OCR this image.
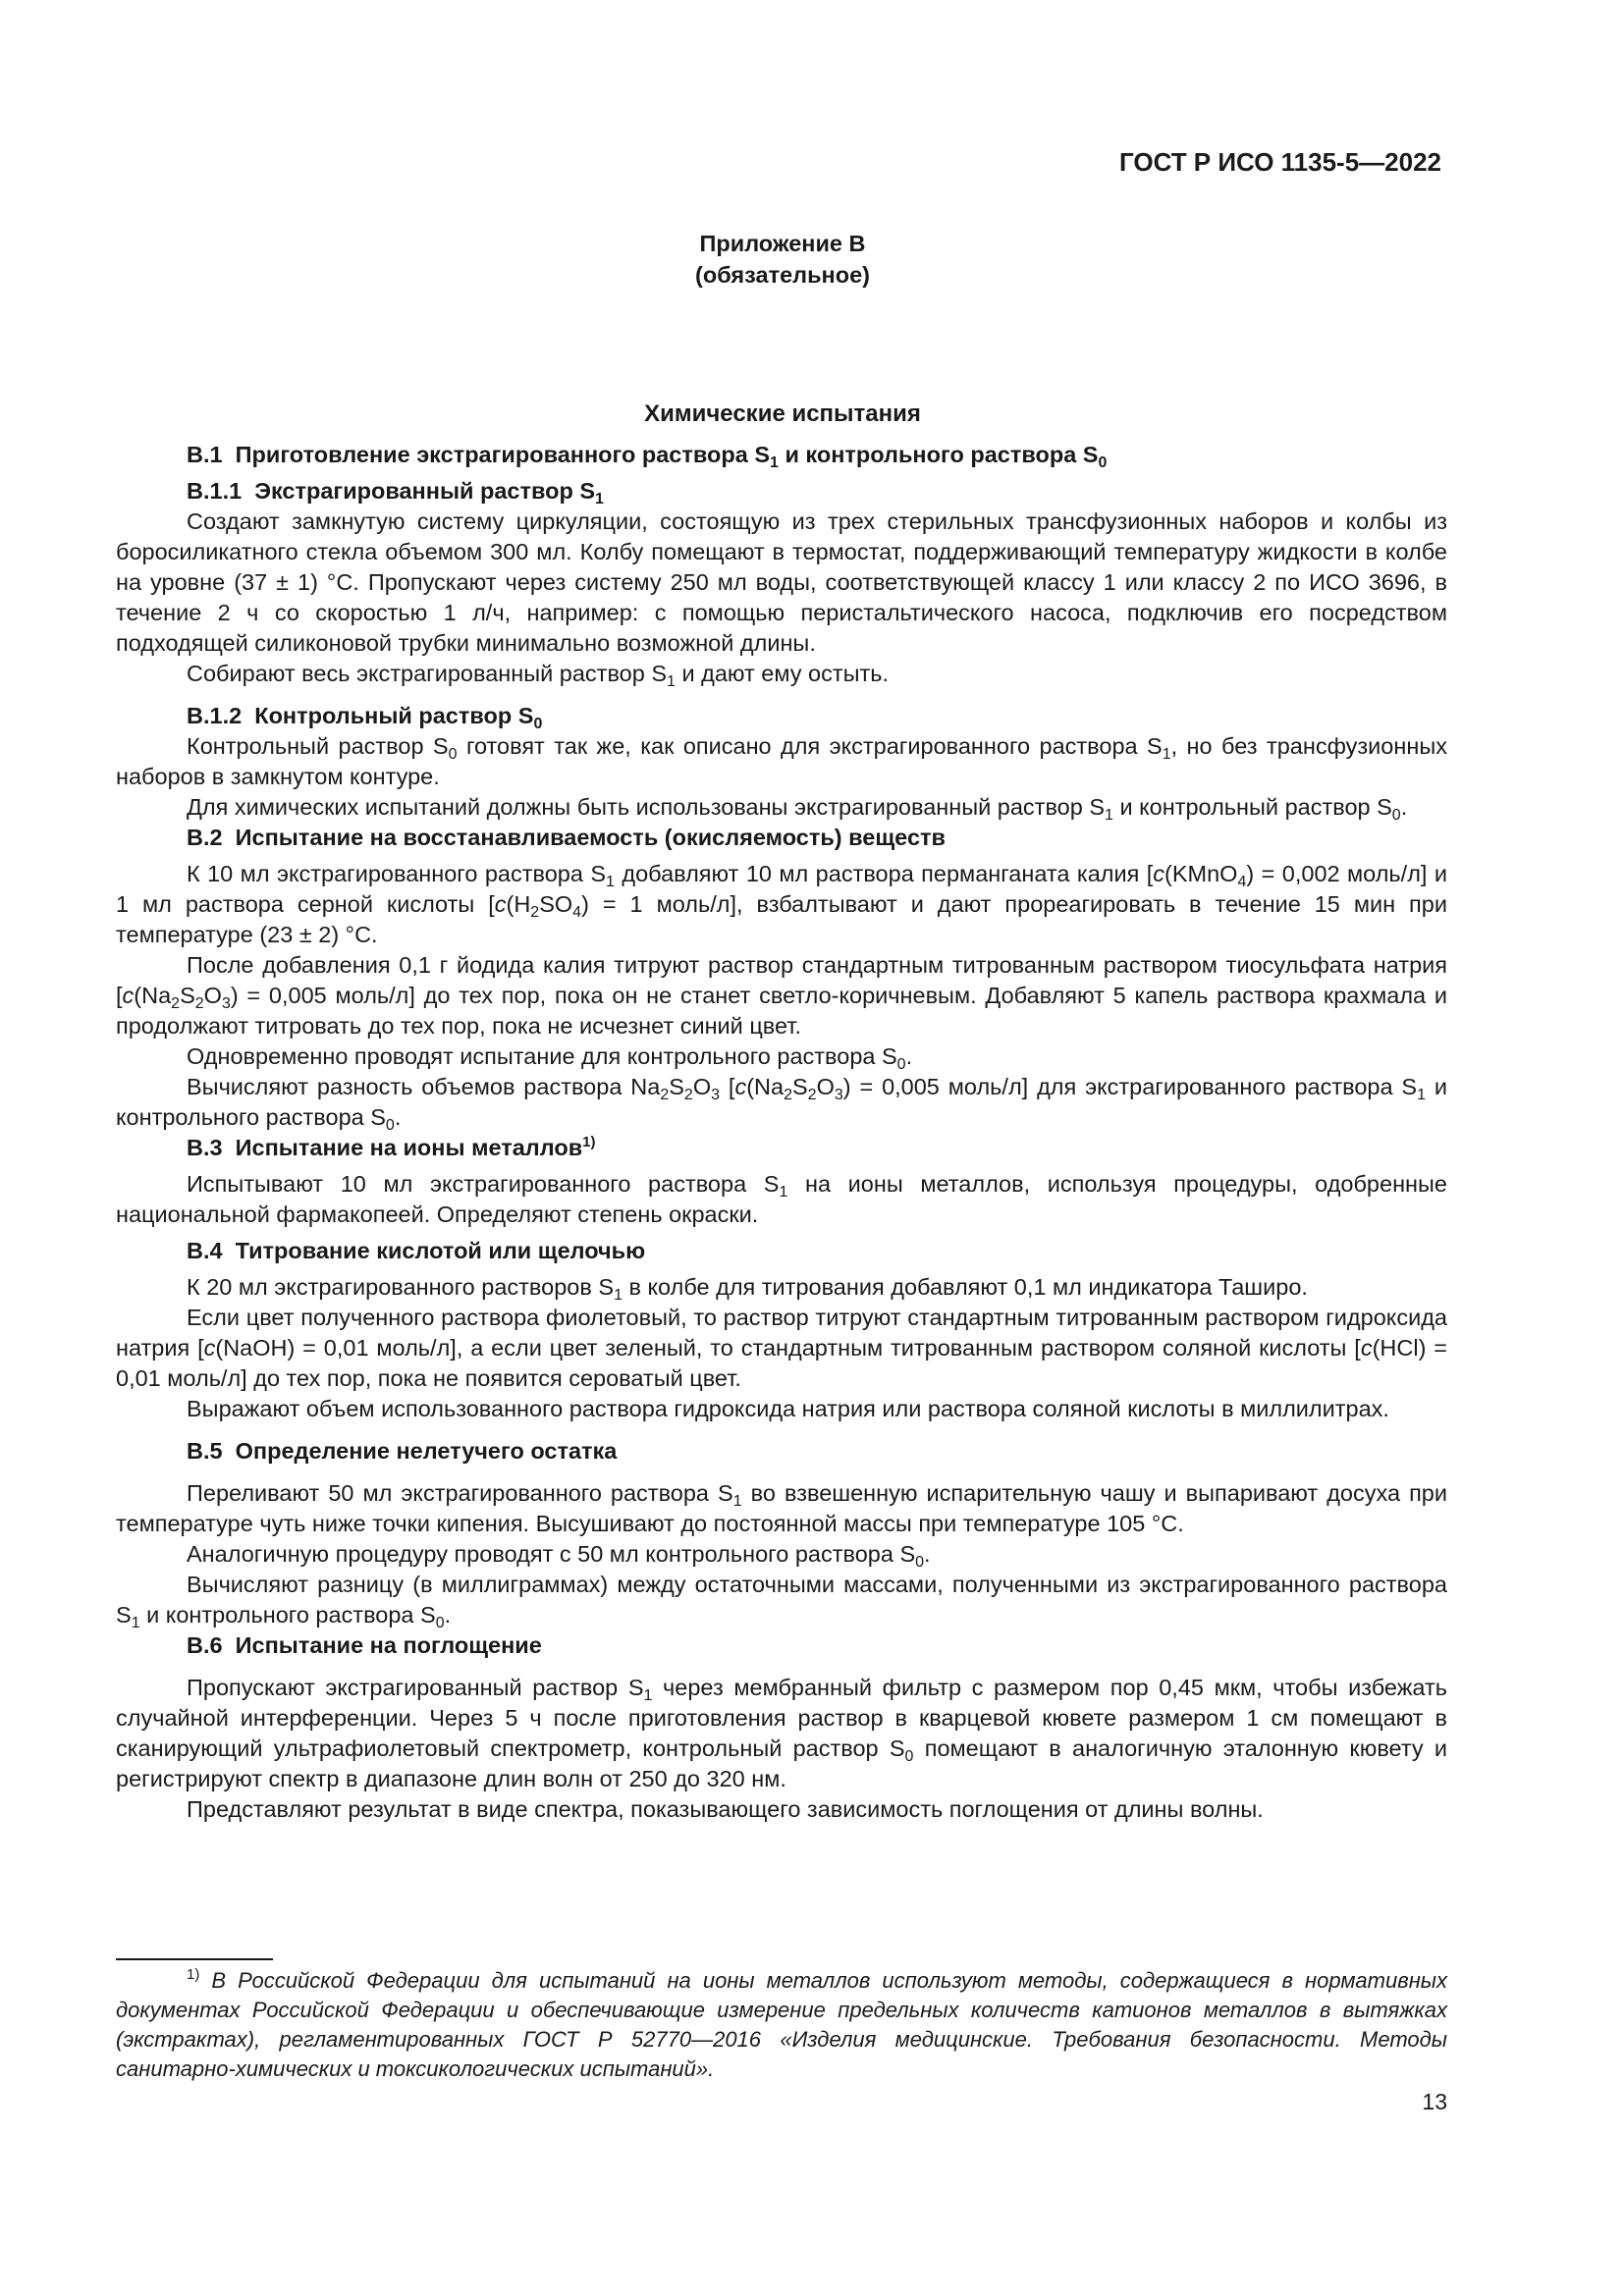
ГОСТ Р ИСО 1135-5—2022
Приложение В
(обязательное)
Химические испытания

В.1 Приготовление экстрагированного раствора $S_1$ и контрольного раствора $S_0$

В.1.1 Экстрагированный раствор $S_1$

Создают замкнутую систему циркуляции, состоящую из трех стерильных трансфузионных наборов и колбы из боросиликатного стекла объемом 300 мл. Колбу помещают в термостат, поддерживающий температуру жидкости в колбе на уровне (37 ± 1) °С. Пропускают через систему 250 мл воды, соответствующей классу 1 или классу 2 по ИСО 3696, в течение 2 ч со скоростью 1 л/ч, например: с помощью перистальтического насоса, подключив его посредством подходящей силиконовой трубки минимально возможной длины.

Собирают весь экстрагированный раствор $S_1$ и дают ему остыть.

В.1.2 Контрольный раствор $S_0$

Контрольный раствор $S_0$ готовят так же, как описано для экстрагированного раствора $S_1$, но без трансфузионных наборов в замкнутом контуре.

Для химических испытаний должны быть использованы экстрагированный раствор $S_1$ и контрольный раствор $S_0$.

В.2 Испытание на восстанавливаемость (окисляемость) веществ

К 10 мл экстрагированного раствора $S_1$ добавляют 10 мл раствора перманганата калия [c(KMnO$_4$) = 0,002 моль/л] и 1 мл раствора серной кислоты [$c(H_2SO_4) = 1$ моль/л], взбалтывают и дают прореагировать в течение 15 мин при температуре (23 ± 2) °С.

После добавления 0,1 г йодида калия титруют раствор стандартным титрованным раствором тиосульфата натрия [$c(Na_2S_2O_3) = 0,005$ моль/л] до тех пор, пока он не станет светло-коричневым. Добавляют 5 капель раствора крахмала и продолжают титровать до тех пор, пока не исчезнет синий цвет.

Одновременно проводят испытание для контрольного раствора $S_0$.

Вычисляют разность объемов раствора $Na_2S_2O_3$ [$c(Na_2S_2O_3) = 0,005$ моль/л] для экстрагированного раствора $S_1$ и контрольного раствора $S_0$.

В.3 Испытание на ионы металлов$^{1)}$

Испытывают 10 мл экстрагированного раствора $S_1$ на ионы металлов, используя процедуры, одобренные национальной фармакопеей. Определяют степень окраски.

В.4 Титрование кислотой или щелочью

К 20 мл экстрагированного растворов $S_1$ в колбе для титрования добавляют 0,1 мл индикатора Таширо.

Если цвет полученного раствора фиолетовый, то раствор титруют стандартным титрованным раствором гидроксида натрия [c(NaOH) = 0,01 моль/л], а если цвет зеленый, то стандартным титрованным раствором соляной кислоты [c(HCl) = 0,01 моль/л] до тех пор, пока не появится сероватый цвет.

Выражают объем использованного раствора гидроксида натрия или раствора соляной кислоты в миллилитрах.

В.5 Определение нелетучего остатка

Переливают 50 мл экстрагированного раствора $S_1$ во взвешенную испарительную чашу и выпаривают досуха при температуре чуть ниже точки кипения. Высушивают до постоянной массы при температуре 105 °С.

Аналогичную процедуру проводят с 50 мл контрольного раствора $S_0$.

Вычисляют разницу (в миллиграммах) между остаточными массами, полученными из экстрагированного раствора $S_1$ и контрольного раствора $S_0$.

В.6 Испытание на поглощение

Пропускают экстрагированный раствор $S_1$ через мембранный фильтр с размером пор 0,45 мкм, чтобы избежать случайной интерференции. Через 5 ч после приготовления раствор в кварцевой кювете размером 1 см помещают в сканирующий ультрафиолетовый спектрометр, контрольный раствор $S_0$ помещают в аналогичную эталонную кювету и регистрируют спектр в диапазоне длин волн от 250 до 320 нм.

Представляют результат в виде спектра, показывающего зависимость поглощения от длины волны.

$^{1)}$ В Российской Федерации для испытаний на ионы металлов используют методы, содержащиеся в нормативных документах Российской Федерации и обеспечивающие измерение предельных количеств катионов металлов в вытяжках (экстрактах), регламентированных ГОСТ Р 52770—2016 «Изделия медицинские. Требования безопасности. Методы санитарно-химических и токсикологических испытаний».
13
